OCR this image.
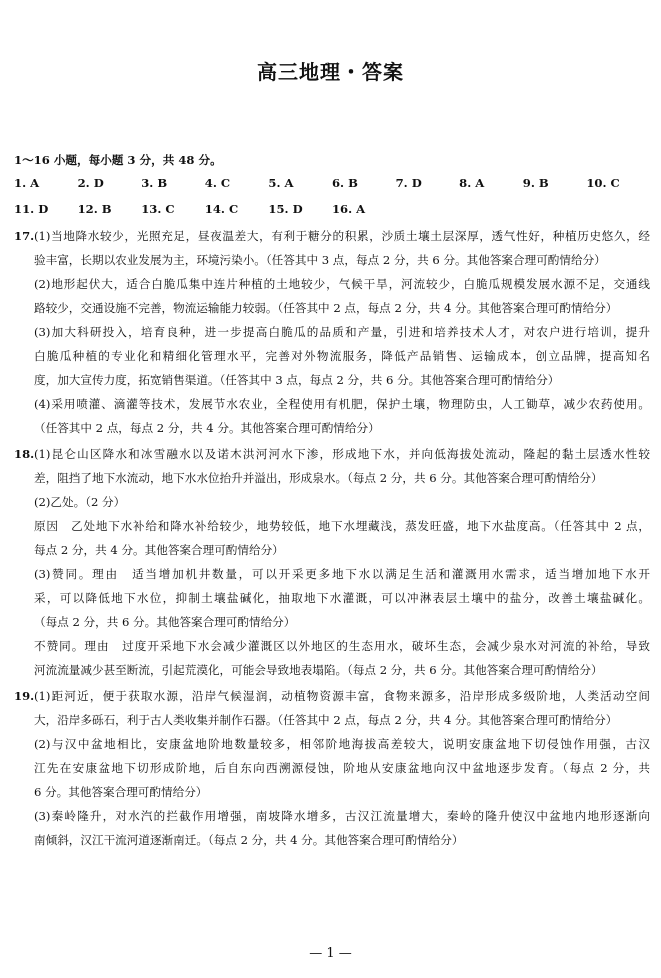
高三地理・答案
1～16 小题，每小题 3 分，共 48 分。
1. A	2. D	3. B	4. C	5. A	6. B	7. D	8. A	9. B	10. C
11. D	12. B	13. C	14. C	15. D	16. A
17. (1)当地降水较少，光照充足，昼夜温差大，有利于糖分的积累，沙质土壤土层深厚，透气性好，种植历史悠久，经
验丰富，长期以农业发展为主，环境污染小。（任答其中 3 点，每点 2 分，共 6 分。其他答案合理可酌情给分）
(2)地形起伏大，适合白脆瓜集中连片种植的土地较少，气候干旱，河流较少，白脆瓜规模发展水源不足，交通线
路较少，交通设施不完善，物流运输能力较弱。（任答其中 2 点，每点 2 分，共 4 分。其他答案合理可酌情给分）
(3)加大科研投入，培育良种，进一步提高白脆瓜的品质和产量，引进和培养技术人才，对农户进行培训，提升
白脆瓜种植的专业化和精细化管理水平，完善对外物流服务，降低产品销售、运输成本，创立品牌，提高知名
度，加大宣传力度，拓宽销售渠道。（任答其中 3 点，每点 2 分，共 6 分。其他答案合理可酌情给分）
(4)采用喷灌、滴灌等技术，发展节水农业，全程使用有机肥，保护土壤，物理防虫，人工锄草，减少农药使用。
（任答其中 2 点，每点 2 分，共 4 分。其他答案合理可酌情给分）
18. (1)昆仑山区降水和冰雪融水以及诺木洪河河水下渗，形成地下水，并向低海拔处流动，隆起的黏土层透水性较
差，阻挡了地下水流动，地下水水位抬升并溢出，形成泉水。（每点 2 分，共 6 分。其他答案合理可酌情给分）
(2)乙处。（2 分）
原因　乙处地下水补给和降水补给较少，地势较低，地下水埋藏浅，蒸发旺盛，地下水盐度高。（任答其中 2 点，
每点 2 分，共 4 分。其他答案合理可酌情给分）
(3)赞同。理由　适当增加机井数量，可以开采更多地下水以满足生活和灌溉用水需求，适当增加地下水开
采，可以降低地下水位，抑制土壤盐碱化，抽取地下水灌溉，可以冲淋表层土壤中的盐分，改善土壤盐碱化。
（每点 2 分，共 6 分。其他答案合理可酌情给分）
不赞同。理由　过度开采地下水会减少灌溉区以外地区的生态用水，破坏生态，会减少泉水对河流的补给，导致
河流流量减少甚至断流，引起荒漠化，可能会导致地表塌陷。（每点 2 分，共 6 分。其他答案合理可酌情给分）
19. (1)距河近，便于获取水源，沿岸气候湿润，动植物资源丰富，食物来源多，沿岸形成多级阶地，人类活动空间
大，沿岸多砾石，利于古人类收集并制作石器。（任答其中 2 点，每点 2 分，共 4 分。其他答案合理可酌情给分）
(2)与汉中盆地相比，安康盆地阶地数量较多，相邻阶地海拔高差较大，说明安康盆地下切侵蚀作用强，古汉
江先在安康盆地下切形成阶地，后自东向西溯源侵蚀，阶地从安康盆地向汉中盆地逐步发育。（每点 2 分，共
6 分。其他答案合理可酌情给分）
(3)秦岭隆升，对水汽的拦截作用增强，南坡降水增多，古汉江流量增大，秦岭的隆升使汉中盆地内地形逐渐向
南倾斜，汉江干流河道逐渐南迁。（每点 2 分，共 4 分。其他答案合理可酌情给分）
— 1 —
